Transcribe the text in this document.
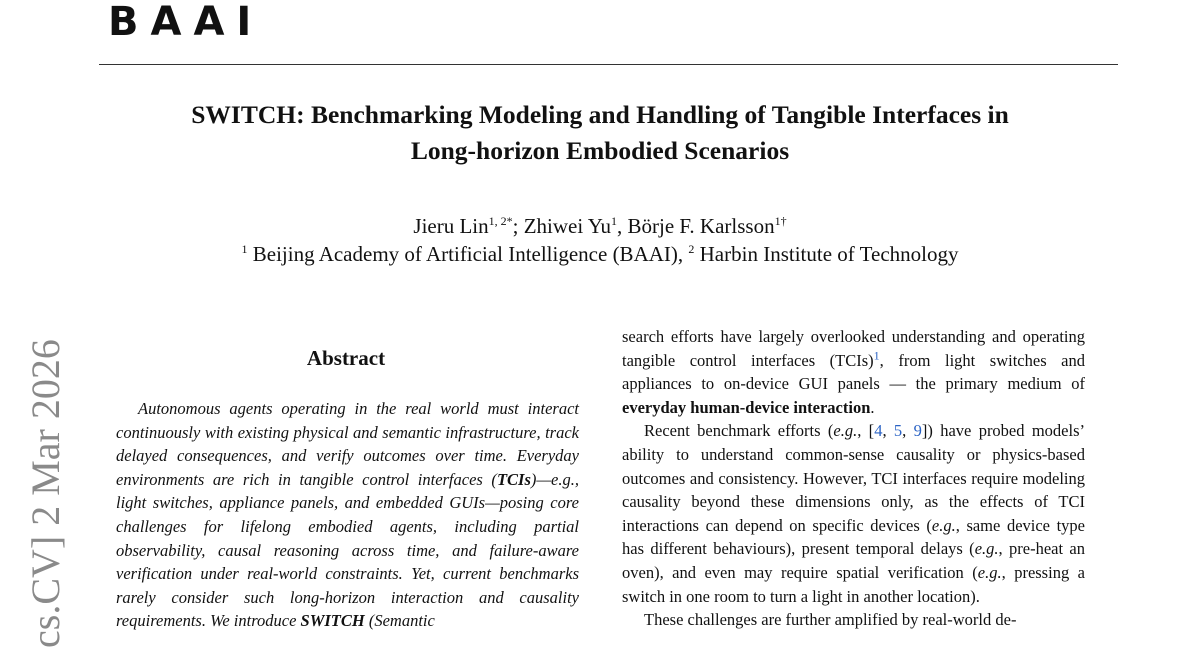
BAAI
SWITCH: Benchmarking Modeling and Handling of Tangible Interfaces in
Long-horizon Embodied Scenarios
Jieru Lin$^{1, 2*}$; Zhiwei Yu$^1$, Börje F. Karlsson$^{1\dagger}$
$^1$ Beijing Academy of Artificial Intelligence (BAAI), $^2$ Harbin Institute of Technology
cs.CV] 2 Mar 2026	Abstract

Autonomous agents operating in the real world must interact continuously with existing physical and semantic infrastructure, track delayed consequences, and verify outcomes over time. Everyday environments are rich in tangible control interfaces (TCIs)—e.g., light switches, appliance panels, and embedded GUIs—posing core challenges for lifelong embodied agents, including partial observability, causal reasoning across time, and failure-aware verification under real-world constraints. Yet, current benchmarks rarely consider such long-horizon interaction and causality requirements. We introduce SWITCH (Semantic

search efforts have largely overlooked understanding and operating tangible control interfaces (TCIs)$^1$, from light switches and appliances to on-device GUI panels — the primary medium of everyday human-device interaction.

Recent benchmark efforts (e.g., [4, 5, 9]) have probed models’ ability to understand common-sense causality or physics-based outcomes and consistency. However, TCI interfaces require modeling causality beyond these dimensions only, as the effects of TCI interactions can depend on specific devices (e.g., same device type has different behaviours), present temporal delays (e.g., pre-heat an oven), and even may require spatial verification (e.g., pressing a switch in one room to turn a light in another location).

These challenges are further amplified by real-world de-
